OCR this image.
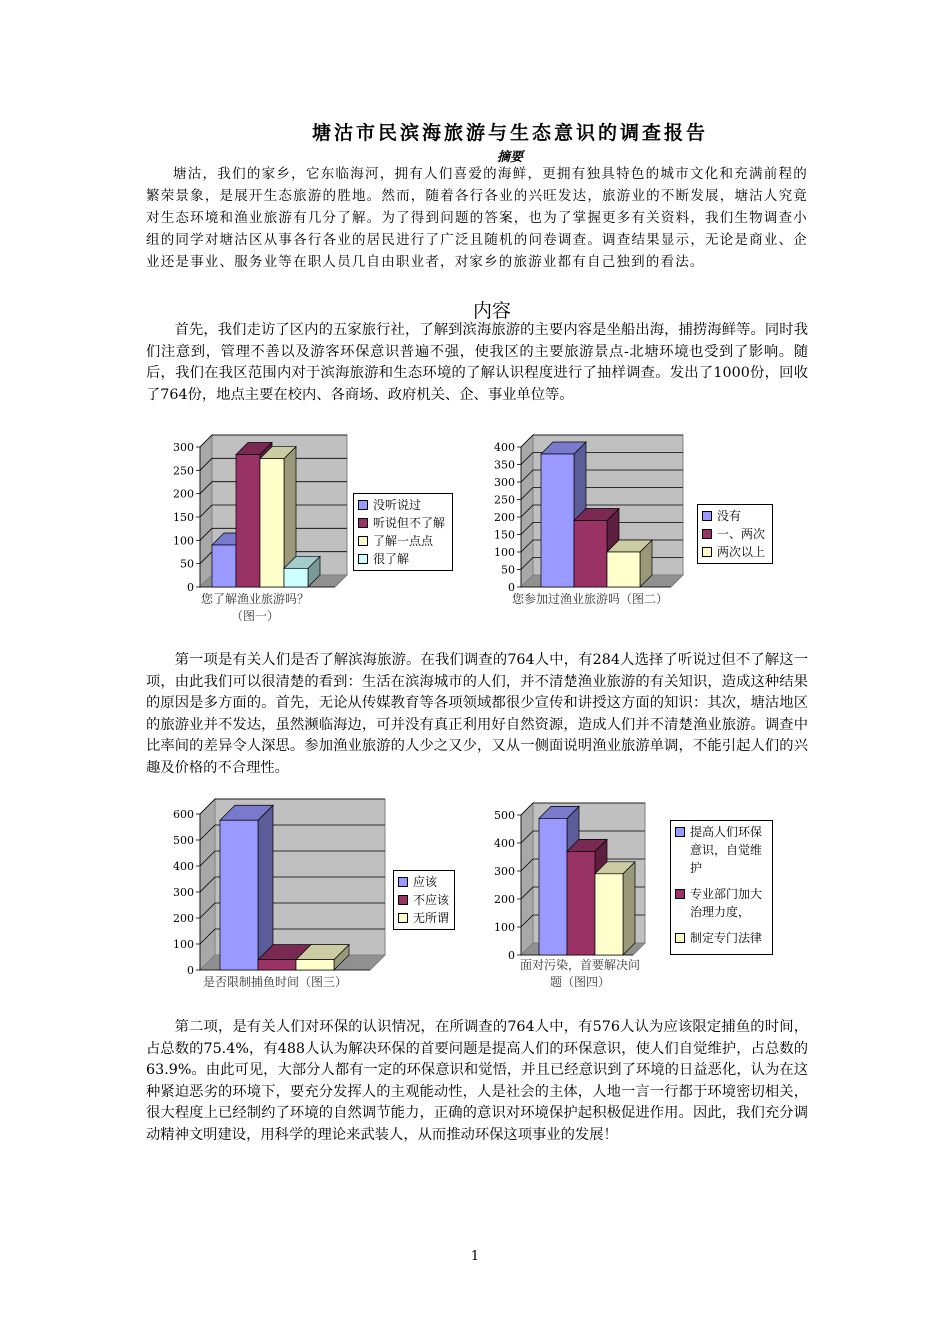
塘沽市民滨海旅游与生态意识的调查报告
摘要

塘沽，我们的家乡，它东临海河，拥有人们喜爱的海鲜，更拥有独具特色的城市文化和充满前程的繁荣景象，是展开生态旅游的胜地。然而，随着各行各业的兴旺发达，旅游业的不断发展，塘沽人究竟对生态环境和渔业旅游有几分了解。为了得到问题的答案，也为了掌握更多有关资料，我们生物调查小组的同学对塘沽区从事各行各业的居民进行了广泛且随机的问卷调查。调查结果显示，无论是商业、企业还是事业、服务业等在职人员几自由职业者，对家乡的旅游业都有自己独到的看法。

内容

首先，我们走访了区内的五家旅行社，了解到滨海旅游的主要内容是坐船出海，捕捞海鲜等。同时我们注意到，管理不善以及游客环保意识普遍不强，使我区的主要旅游景点-北塘环境也受到了影响。随后，我们在我区范围内对于滨海旅游和生态环境的了解认识程度进行了抽样调查。发出了1000份，回收了764份，地点主要在校内、各商场、政府机关、企、事业单位等。

0
50
100
150
200
250
300
没听说过
听说但不了解
了解一点点
很了解
您了解渔业旅游吗？（图一）
0
50
100
150
200
250
300
350
400
没有
一、两次
两次以上
您参加过渔业旅游吗（图二）

第一项是有关人们是否了解滨海旅游。在我们调查的764人中，有284人选择了听说过但不了解这一项，由此我们可以很清楚的看到：生活在滨海城市的人们，并不清楚渔业旅游的有关知识，造成这种结果的原因是多方面的。首先，无论从传媒教育等各项领域都很少宣传和讲授这方面的知识：其次，塘沽地区的旅游业并不发达，虽然濒临海边，可并没有真正利用好自然资源，造成人们并不清楚渔业旅游。调查中比率间的差异令人深思。参加渔业旅游的人少之又少，又从一侧面说明渔业旅游单调，不能引起人们的兴趣及价格的不合理性。

0
100
200
300
400
500
600
应该
不应该
无所谓
是否限制捕鱼时间（图三）
0
100
200
300
400
500
提高人们环保意识，自觉维护
专业部门加大治理力度，
制定专门法律
面对污染，首要解决问题（图四）

第二项，是有关人们对环保的认识情况，在所调查的764人中，有576人认为应该限定捕鱼的时间，占总数的75.4%，有488人认为解决环保的首要问题是提高人们的环保意识，使人们自觉维护，占总数的63.9%。由此可见，大部分人都有一定的环保意识和觉悟，并且已经意识到了环境的日益恶化，认为在这种紧迫恶劣的环境下，要充分发挥人的主观能动性，人是社会的主体，人地一言一行都于环境密切相关，很大程度上已经制约了环境的自然调节能力，正确的意识对环境保护起积极促进作用。因此，我们充分调动精神文明建设，用科学的理论来武装人，从而推动环保这项事业的发展！

1
